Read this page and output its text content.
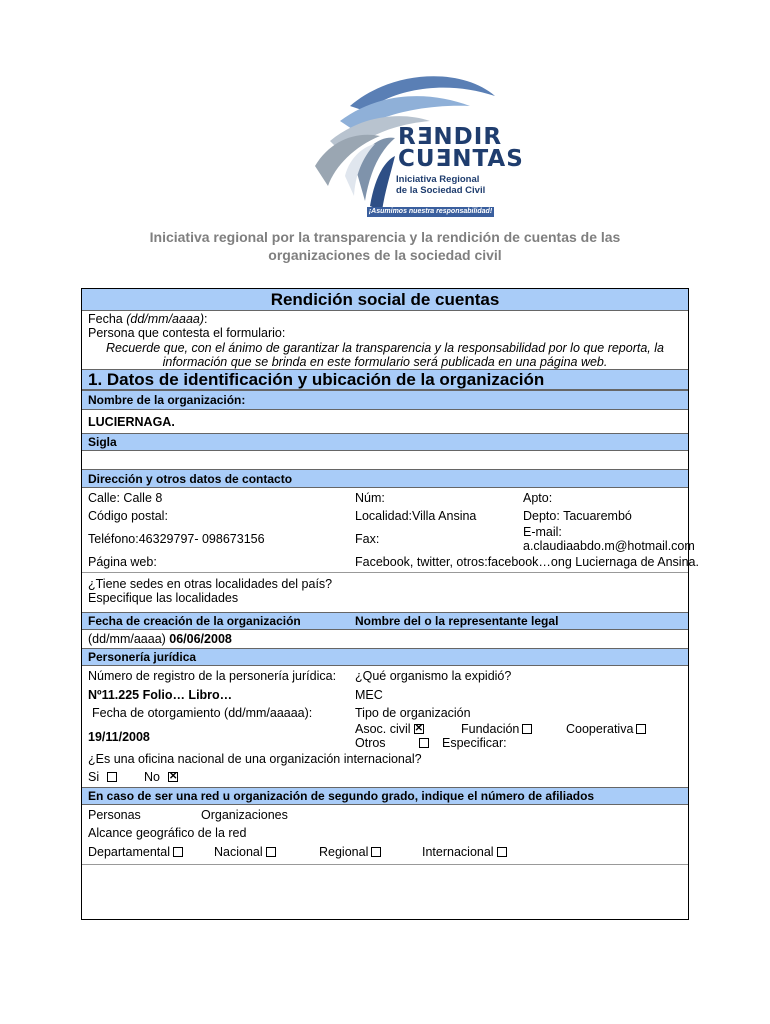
RƎNDIR
CUƎNTAS
Iniciativa Regional
de la Sociedad Civil
¡Asumimos nuestra responsabilidad!
Iniciativa regional por la transparencia y la rendición de cuentas de las
organizaciones de la sociedad civil
Rendición social de cuentas
Fecha (dd/mm/aaaa):
Persona que contesta el formulario:
Recuerde que, con el ánimo de garantizar la transparencia y la responsabilidad por lo que reporta, la
información que se brinda en este formulario será publicada en una página web.
1. Datos de identificación y ubicación de la organización
Nombre de la organización:
LUCIERNAGA.
Sigla
Dirección y otros datos de contacto
Calle: Calle 8	Núm:	Apto:
Código postal:	Localidad:Villa Ansina	Depto: Tacuarembó
Teléfono:46329797- 098673156	Fax:	E-mail:
a.claudiaabdo.m@hotmail.com
Página web:	Facebook, twitter, otros:facebook…ong Luciernaga de Ansina.
¿Tiene sedes en otras localidades del país?
Especifique las localidades
Fecha de creación de la organización	Nombre del o la representante legal
(dd/mm/aaaa) 06/06/2008
Personería jurídica
Número de registro de la personería jurídica: ¿Qué organismo la expidió?
Nº11.225 Folio… Libro…	MEC
Fecha de otorgamiento (dd/mm/aaaaa):	Tipo de organización
19/11/2008
Asoc. civil✕	Fundación	Cooperativa
Otros	Especificar:
¿Es una oficina nacional de una organización internacional?
Si	No✕
En caso de ser una red u organización de segundo grado, indique el número de afiliados
Personas	Organizaciones
Alcance geográfico de la red
Departamental	Nacional	Regional	Internacional
